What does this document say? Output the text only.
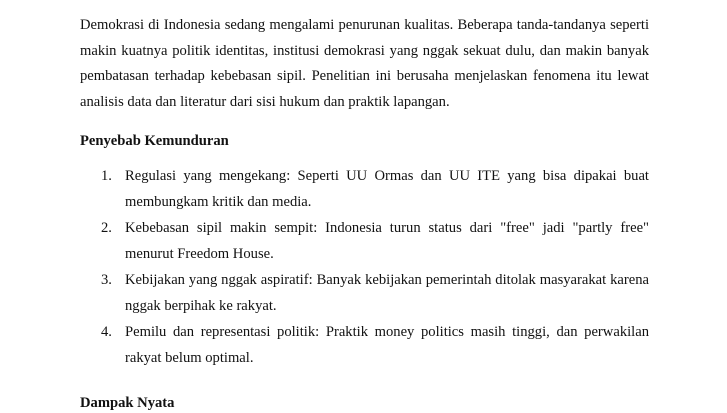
Demokrasi di Indonesia sedang mengalami penurunan kualitas. Beberapa tanda-tandanya seperti makin kuatnya politik identitas, institusi demokrasi yang nggak sekuat dulu, dan makin banyak pembatasan terhadap kebebasan sipil. Penelitian ini berusaha menjelaskan fenomena itu lewat analisis data dan literatur dari sisi hukum dan praktik lapangan.

Penyebab Kemunduran
1. Regulasi yang mengekang: Seperti UU Ormas dan UU ITE yang bisa dipakai buat membungkam kritik dan media.
2. Kebebasan sipil makin sempit: Indonesia turun status dari "free" jadi "partly free" menurut Freedom House.
3. Kebijakan yang nggak aspiratif: Banyak kebijakan pemerintah ditolak masyarakat karena nggak berpihak ke rakyat.
4. Pemilu dan representasi politik: Praktik money politics masih tinggi, dan perwakilan rakyat belum optimal.
Dampak Nyata
